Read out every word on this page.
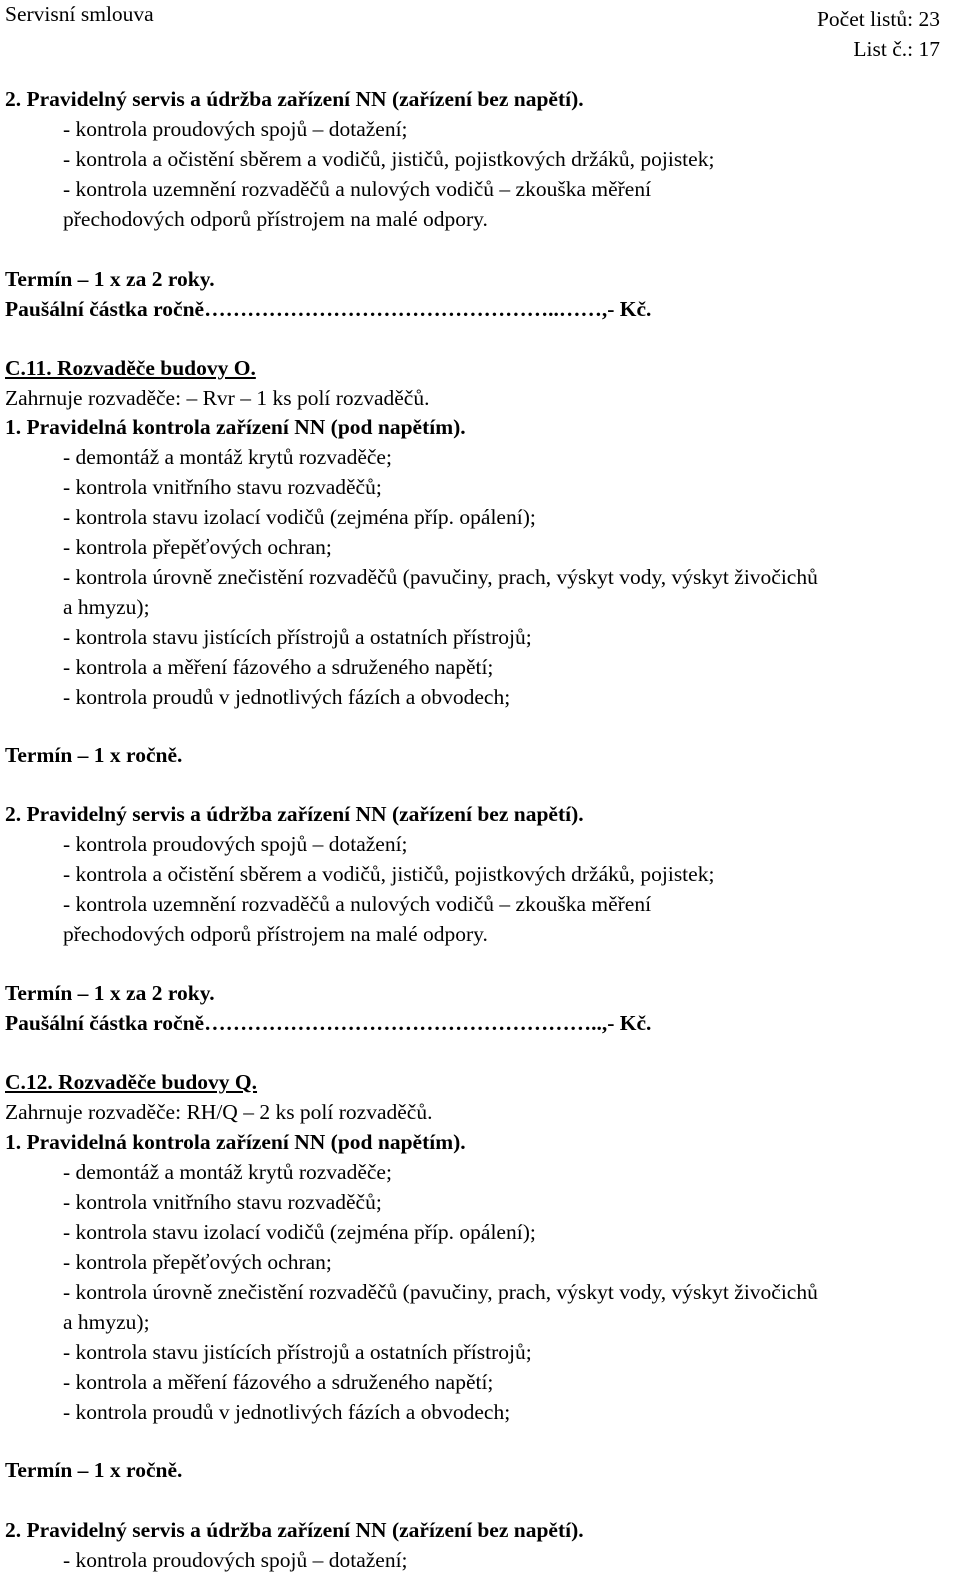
Servisní smlouva	Počet listů: 23
List č.: 17
2. Pravidelný servis a údržba zařízení NN (zařízení bez napětí).
- kontrola proudových spojů – dotažení;
- kontrola a očistění sběrem a vodičů, jističů, pojistkových držáků, pojistek;
- kontrola uzemnění rozvaděčů a nulových vodičů – zkouška měření
přechodových odporů přístrojem na malé odpory.
Termín – 1 x za 2 roky.
Paušální částka ročně…………………………………………..……,- Kč.
C.11. Rozvaděče budovy O.
Zahrnuje rozvaděče: – Rvr – 1 ks polí rozvaděčů.
1. Pravidelná kontrola zařízení NN (pod napětím).
- demontáž a montáž krytů rozvaděče;
- kontrola vnitřního stavu rozvaděčů;
- kontrola stavu izolací vodičů (zejména příp. opálení);
- kontrola přepěťových ochran;
- kontrola úrovně znečistění rozvaděčů (pavučiny, prach, výskyt vody, výskyt živočichů
a hmyzu);
- kontrola stavu jistících přístrojů a ostatních přístrojů;
- kontrola a měření fázového a sdruženého napětí;
- kontrola proudů v jednotlivých fázích a obvodech;
Termín – 1 x ročně.
2. Pravidelný servis a údržba zařízení NN (zařízení bez napětí).
- kontrola proudových spojů – dotažení;
- kontrola a očistění sběrem a vodičů, jističů, pojistkových držáků, pojistek;
- kontrola uzemnění rozvaděčů a nulových vodičů – zkouška měření
přechodových odporů přístrojem na malé odpory.
Termín – 1 x za 2 roky.
Paušální částka ročně………………………………………………..,- Kč.
C.12. Rozvaděče budovy Q.
Zahrnuje rozvaděče: RH/Q – 2 ks polí rozvaděčů.
1. Pravidelná kontrola zařízení NN (pod napětím).
- demontáž a montáž krytů rozvaděče;
- kontrola vnitřního stavu rozvaděčů;
- kontrola stavu izolací vodičů (zejména příp. opálení);
- kontrola přepěťových ochran;
- kontrola úrovně znečistění rozvaděčů (pavučiny, prach, výskyt vody, výskyt živočichů
a hmyzu);
- kontrola stavu jistících přístrojů a ostatních přístrojů;
- kontrola a měření fázového a sdruženého napětí;
- kontrola proudů v jednotlivých fázích a obvodech;
Termín – 1 x ročně.
2. Pravidelný servis a údržba zařízení NN (zařízení bez napětí).
- kontrola proudových spojů – dotažení;
